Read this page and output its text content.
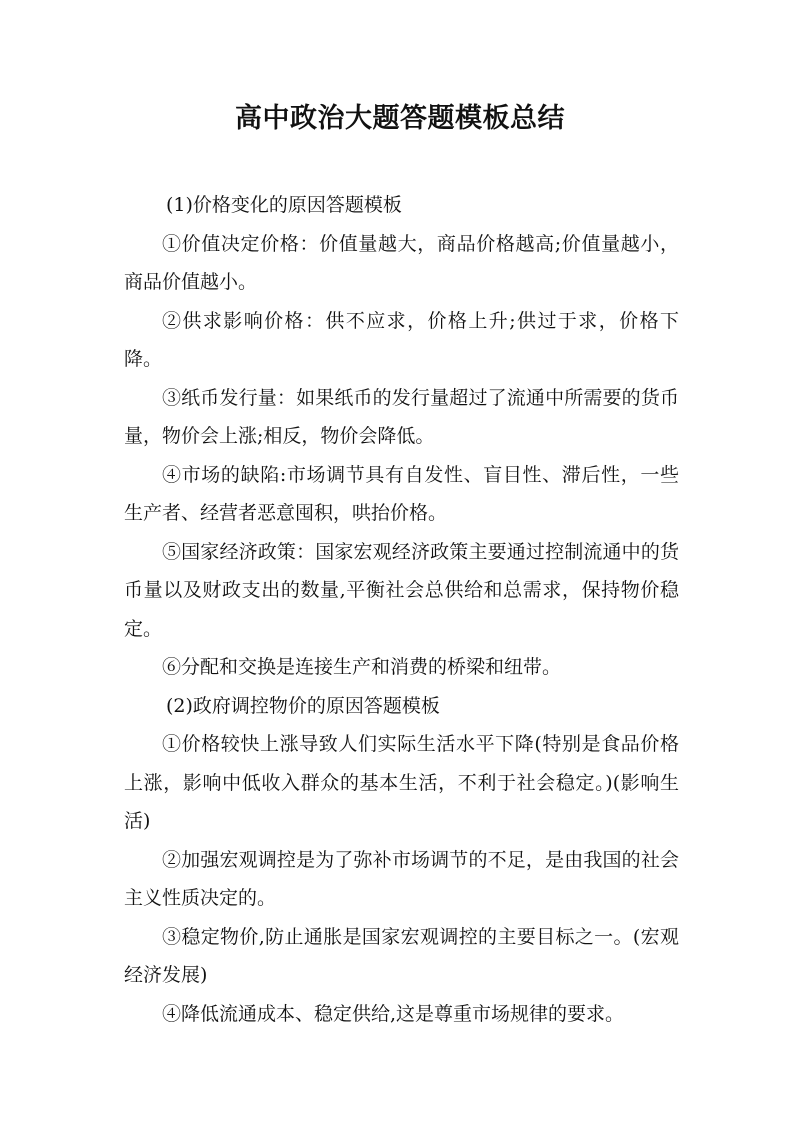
高中政治大题答题模板总结

(1)价格变化的原因答题模板

①价值决定价格：价值量越大，商品价格越高;价值量越小，商品价值越小。

②供求影响价格：供不应求，价格上升;供过于求，价格下降。

③纸币发行量：如果纸币的发行量超过了流通中所需要的货币量，物价会上涨;相反，物价会降低。

④市场的缺陷:市场调节具有自发性、盲目性、滞后性，一些生产者、经营者恶意囤积，哄抬价格。

⑤国家经济政策：国家宏观经济政策主要通过控制流通中的货币量以及财政支出的数量,平衡社会总供给和总需求，保持物价稳定。

⑥分配和交换是连接生产和消费的桥梁和纽带。

(2)政府调控物价的原因答题模板

①价格较快上涨导致人们实际生活水平下降(特别是食品价格上涨，影响中低收入群众的基本生活，不利于社会稳定。)(影响生活)

②加强宏观调控是为了弥补市场调节的不足，是由我国的社会主义性质决定的。

③稳定物价,防止通胀是国家宏观调控的主要目标之一。(宏观经济发展)

④降低流通成本、稳定供给,这是尊重市场规律的要求。
